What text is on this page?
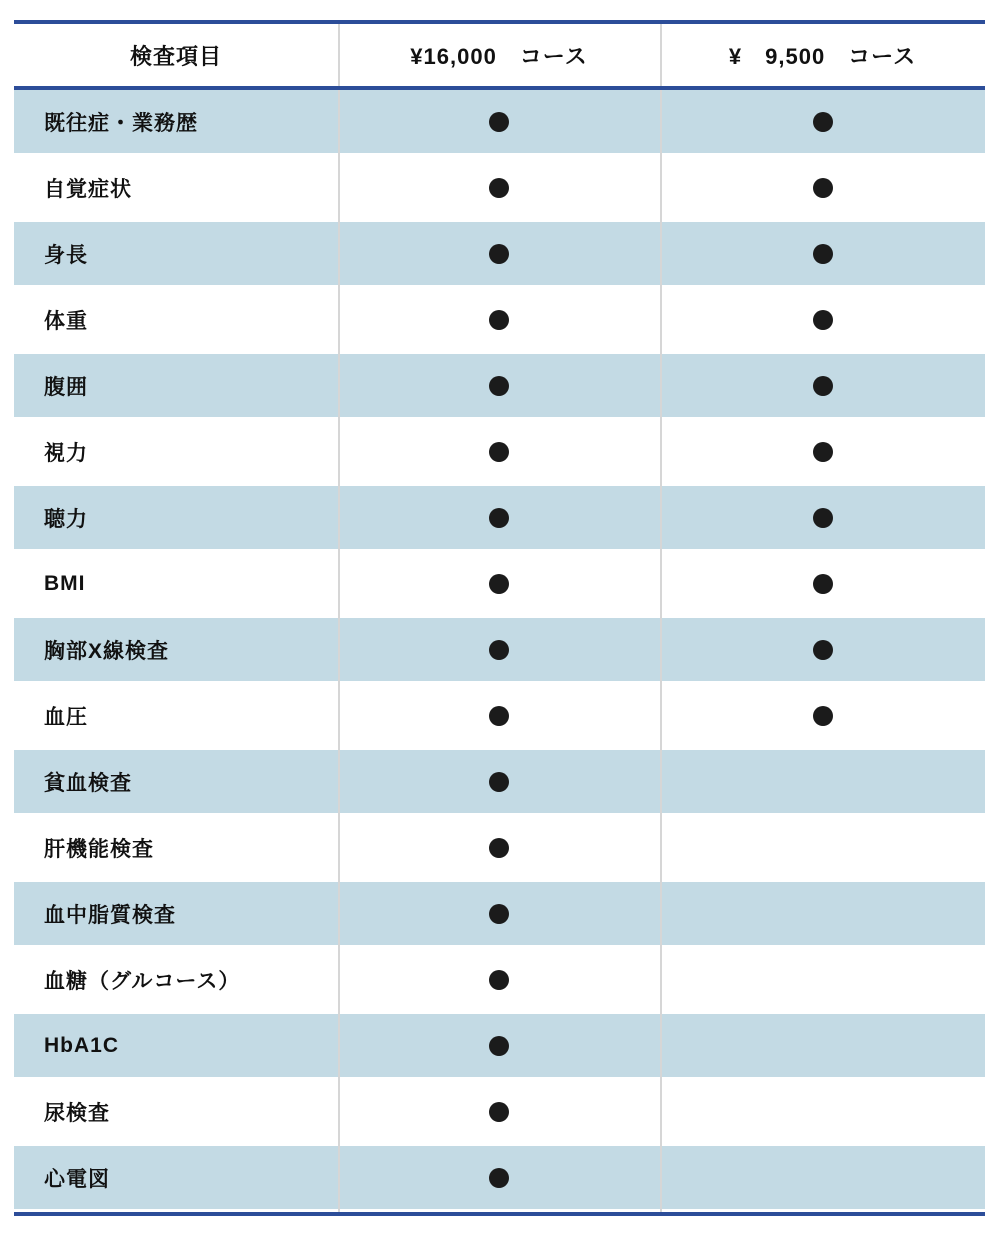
検査項目	¥16,000　コース	¥　9,500　コース
既往症・業務歴
自覚症状
身長
体重
腹囲
視力
聴力
BMI
胸部X線検査
血圧
貧血検査
肝機能検査
血中脂質検査
血糖（グルコース）
HbA1C
尿検査
心電図
